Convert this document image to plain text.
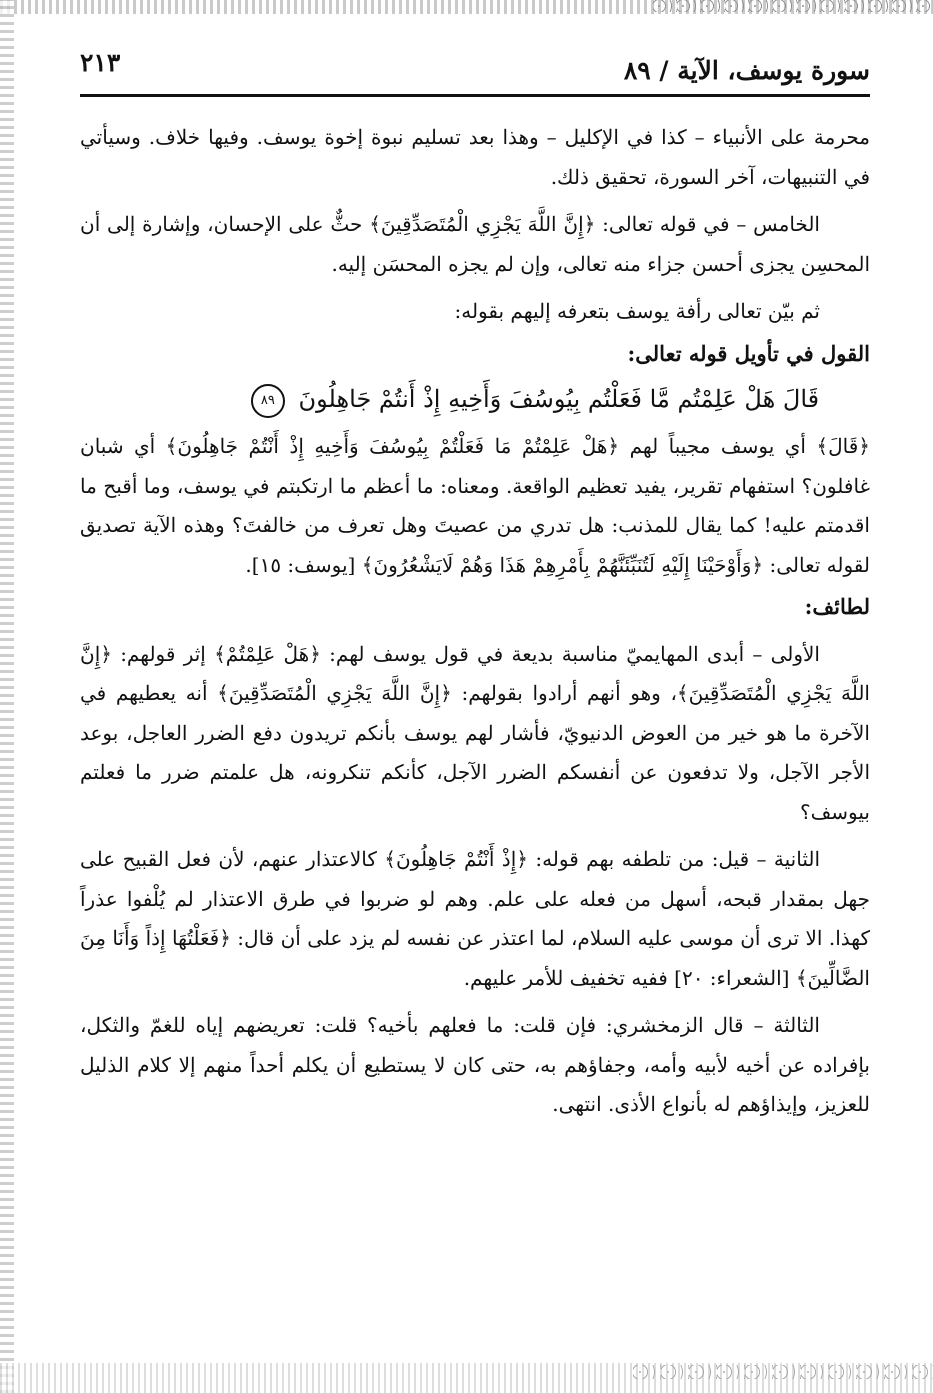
٢١٣	سورة يوسف، الآية / ٨٩

محرمة على الأنبياء – كذا في الإكليل – وهذا بعد تسليم نبوة إخوة يوسف. وفيها خلاف. وسيأتي في التنبيهات، آخر السورة، تحقيق ذلك.

الخامس – في قوله تعالى: ﴿إِنَّ اللَّهَ يَجْزِي الْمُتَصَدِّقِينَ﴾ حثٌّ على الإحسان، وإشارة إلى أن المحسِن يجزى أحسن جزاء منه تعالى، وإن لم يجزه المحسَن إليه.

ثم بيّن تعالى رأفة يوسف بتعرفه إليهم بقوله:

القول في تأويل قوله تعالى:

قَالَ هَلْ عَلِمْتُم مَّا فَعَلْتُم بِيُوسُفَ وَأَخِيهِ إِذْ أَنتُمْ جَاهِلُونَ ٨٩

﴿قَالَ﴾ أي يوسف مجيباً لهم ﴿هَلْ عَلِمْتُمْ مَا فَعَلْتُمْ بِيُوسُفَ وَأَخِيهِ إِذْ أَنْتُمْ جَاهِلُونَ﴾ أي شبان غافلون؟ استفهام تقرير، يفيد تعظيم الواقعة. ومعناه: ما أعظم ما ارتكبتم في يوسف، وما أقبح ما اقدمتم عليه! كما يقال للمذنب: هل تدري من عصيتَ وهل تعرف من خالفتَ؟ وهذه الآية تصديق لقوله تعالى: ﴿وَأَوْحَيْنَا إِلَيْهِ لَتُنَبِّئَنَّهُمْ بِأَمْرِهِمْ هَذَا وَهُمْ لَايَشْعُرُونَ﴾ [يوسف: ١٥].

لطائف:

الأولى – أبدى المهايميّ مناسبة بديعة في قول يوسف لهم: ﴿هَلْ عَلِمْتُمْ﴾ إثر قولهم: ﴿إِنَّ اللَّهَ يَجْزِي الْمُتَصَدِّقِينَ﴾، وهو أنهم أرادوا بقولهم: ﴿إِنَّ اللَّهَ يَجْزِي الْمُتَصَدِّقِينَ﴾ أنه يعطيهم في الآخرة ما هو خير من العوض الدنيويّ، فأشار لهم يوسف بأنكم تريدون دفع الضرر العاجل، بوعد الأجر الآجل، ولا تدفعون عن أنفسكم الضرر الآجل، كأنكم تنكرونه، هل علمتم ضرر ما فعلتم بيوسف؟

الثانية – قيل: من تلطفه بهم قوله: ﴿إِذْ أَنْتُمْ جَاهِلُونَ﴾ كالاعتذار عنهم، لأن فعل القبيح على جهل بمقدار قبحه، أسهل من فعله على علم. وهم لو ضربوا في طرق الاعتذار لم يُلْفوا عذراً كهذا. الا ترى أن موسى عليه السلام، لما اعتذر عن نفسه لم يزد على أن قال: ﴿فَعَلْتُهَا إِذاً وَأَنَا مِنَ الضَّالِّينَ﴾ [الشعراء: ٢٠] ففيه تخفيف للأمر عليهم.

الثالثة – قال الزمخشري: فإن قلت: ما فعلهم بأخيه؟ قلت: تعريضهم إياه للغمّ والثكل، بإفراده عن أخيه لأبيه وأمه، وجفاؤهم به، حتى كان لا يستطيع أن يكلم أحداً منهم إلا كلام الذليل للعزيز، وإيذاؤهم له بأنواع الأذى. انتهى.
